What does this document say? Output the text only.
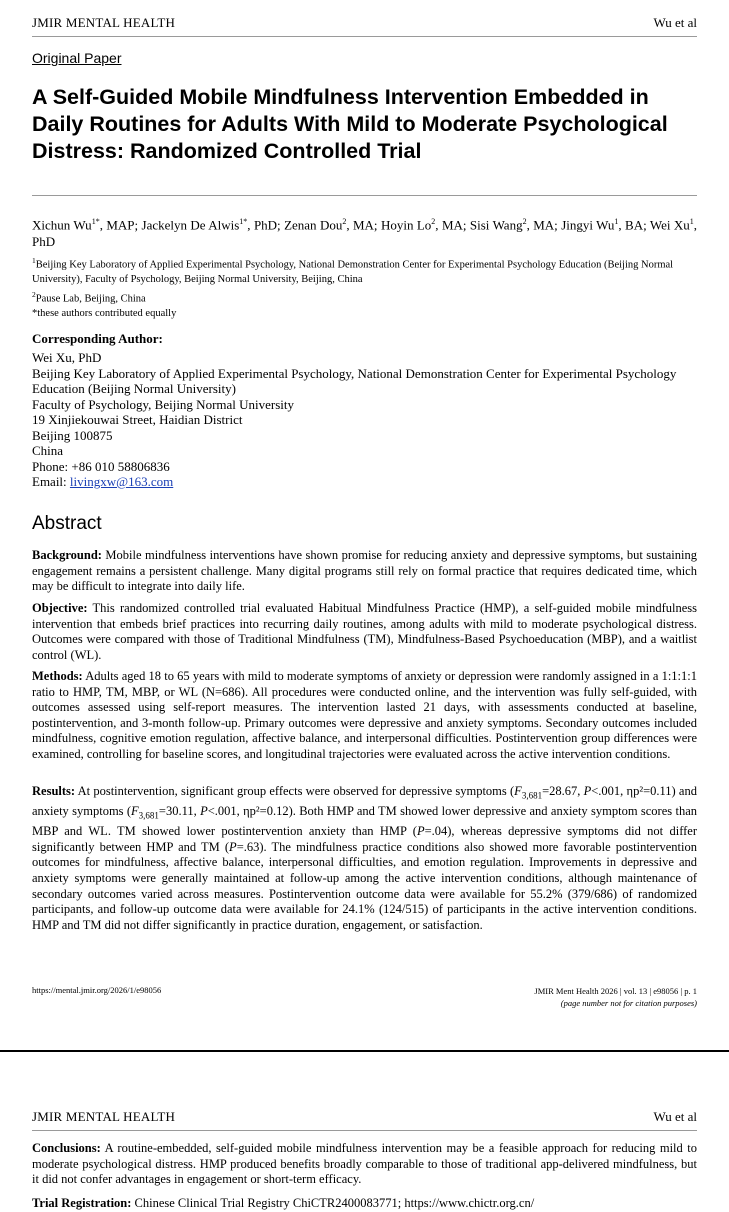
JMIR MENTAL HEALTH	Wu et al
Original Paper
A Self-Guided Mobile Mindfulness Intervention Embedded in Daily Routines for Adults With Mild to Moderate Psychological Distress: Randomized Controlled Trial
Xichun $Wu^{1*}$, MAP; Jackelyn De Alwis$^{1*}$, PhD; Zenan Dou$^2$, MA; Hoyin Lo$^2$, MA; Sisi Wang$^2$, MA; Jingyi Wu$^1$, BA; Wei Xu$^1$, PhD

$^1$Beijing Key Laboratory of Applied Experimental Psychology, National Demonstration Center for Experimental Psychology Education (Beijing Normal University), Faculty of Psychology, Beijing Normal University, Beijing, China

$^2$Pause Lab, Beijing, China

*these authors contributed equally

Corresponding Author:

Wei Xu, PhD

Beijing Key Laboratory of Applied Experimental Psychology, National Demonstration Center for Experimental Psychology Education (Beijing Normal University)

Faculty of Psychology, Beijing Normal University

19 Xinjiekouwai Street, Haidian District

Beijing 100875

China

Phone: +86 010 58806836

Email: livingxw@163.com

Abstract

Background: Mobile mindfulness interventions have shown promise for reducing anxiety and depressive symptoms, but sustaining engagement remains a persistent challenge. Many digital programs still rely on formal practice that requires dedicated time, which may be difficult to integrate into daily life.

Objective: This randomized controlled trial evaluated Habitual Mindfulness Practice (HMP), a self-guided mobile mindfulness intervention that embeds brief practices into recurring daily routines, among adults with mild to moderate psychological distress. Outcomes were compared with those of Traditional Mindfulness (TM), Mindfulness-Based Psychoeducation (MBP), and a waitlist control (WL).

Methods: Adults aged 18 to 65 years with mild to moderate symptoms of anxiety or depression were randomly assigned in a 1:1:1:1 ratio to HMP, TM, MBP, or WL (N=686). All procedures were conducted online, and the intervention was fully self-guided, with outcomes assessed using self-report measures. The intervention lasted 21 days, with assessments conducted at baseline, postintervention, and 3-month follow-up. Primary outcomes were depressive and anxiety symptoms. Secondary outcomes included mindfulness, cognitive emotion regulation, affective balance, and interpersonal difficulties. Postintervention group differences were examined, controlling for baseline scores, and longitudinal trajectories were evaluated across the active intervention conditions.

Results: At postintervention, significant group effects were observed for depressive symptoms ($F_{3,681}=28.67$, P<.001, ηp²=0.11) and anxiety symptoms ($F_{3,681}=30.11$, P<.001, ηp²=0.12). Both HMP and TM showed lower depressive and anxiety symptom scores than MBP and WL. TM showed lower postintervention anxiety than HMP (P=.04), whereas depressive symptoms did not differ significantly between HMP and TM (P=.63). The mindfulness practice conditions also showed more favorable postintervention outcomes for mindfulness, affective balance, interpersonal difficulties, and emotion regulation. Improvements in depressive and anxiety symptoms were generally maintained at follow-up among the active intervention conditions, although maintenance of secondary outcomes varied across measures. Postintervention outcome data were available for 55.2% (379/686) of randomized participants, and follow-up outcome data were available for 24.1% (124/515) of participants in the active intervention conditions. HMP and TM did not differ significantly in practice duration, engagement, or satisfaction.

https://mental.jmir.org/2026/1/e98056	JMIR Ment Health 2026 | vol. 13 | e98056 | p. 1
(page number not for citation purposes)
JMIR MENTAL HEALTH	Wu et al

Conclusions: A routine-embedded, self-guided mobile mindfulness intervention may be a feasible approach for reducing mild to moderate psychological distress. HMP produced benefits broadly comparable to those of traditional app-delivered mindfulness, but it did not confer advantages in engagement or short-term efficacy.

Trial Registration: Chinese Clinical Trial Registry ChiCTR2400083771; https://www.chictr.org.cn/
